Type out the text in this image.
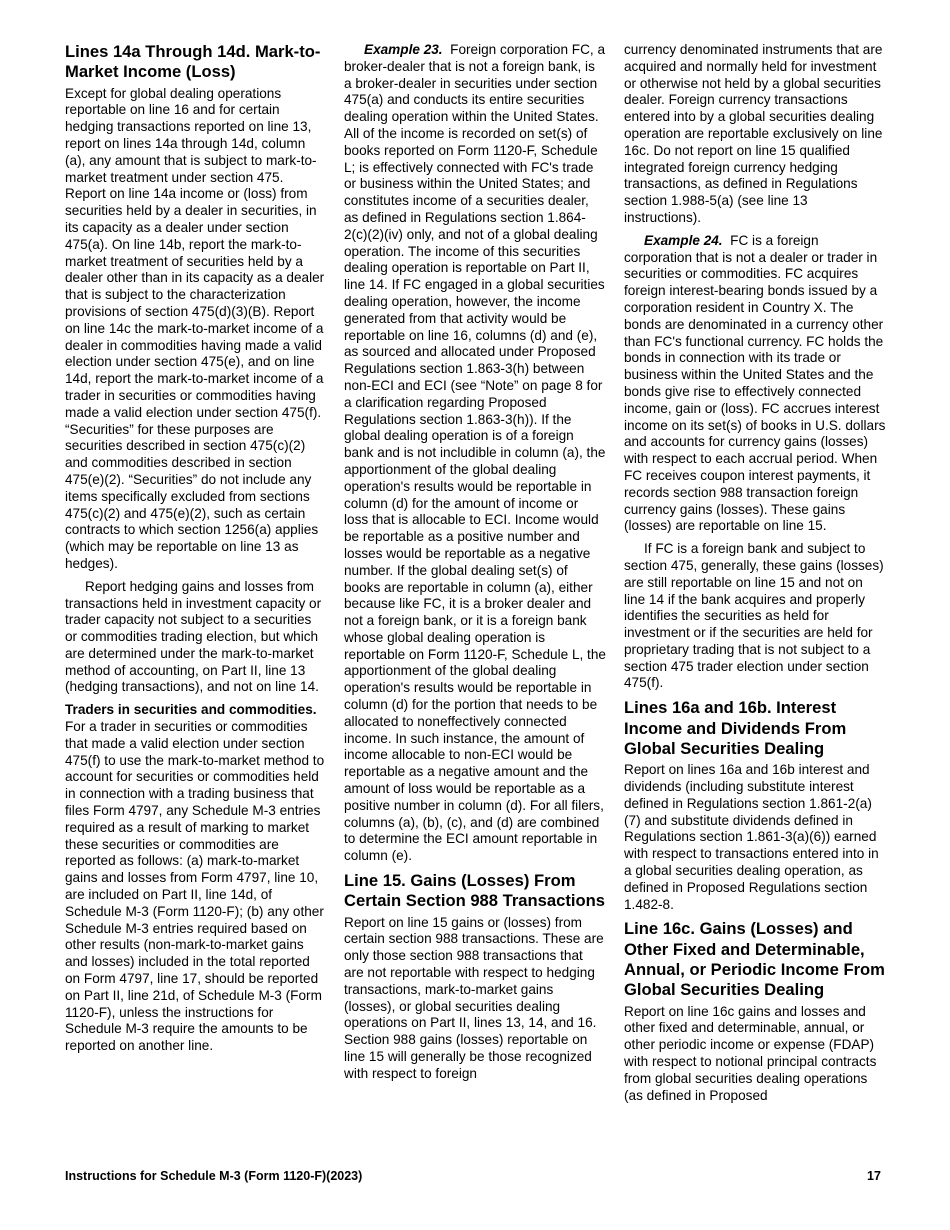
Lines 14a Through 14d. Mark-to-Market Income (Loss)

Except for global dealing operations reportable on line 16 and for certain hedging transactions reported on line 13, report on lines 14a through 14d, column (a), any amount that is subject to mark-to-market treatment under section 475. Report on line 14a income or (loss) from securities held by a dealer in securities, in its capacity as a dealer under section 475(a). On line 14b, report the mark-to-market treatment of securities held by a dealer other than in its capacity as a dealer that is subject to the characterization provisions of section 475(d)(3)(B). Report on line 14c the mark-to-market income of a dealer in commodities having made a valid election under section 475(e), and on line 14d, report the mark-to-market income of a trader in securities or commodities having made a valid election under section 475(f). “Securities” for these purposes are securities described in section 475(c)(2) and commodities described in section 475(e)(2). “Securities” do not include any items specifically excluded from sections 475(c)(2) and 475(e)(2), such as certain contracts to which section 1256(a) applies (which may be reportable on line 13 as hedges).

Report hedging gains and losses from transactions held in investment capacity or trader capacity not subject to a securities or commodities trading election, but which are determined under the mark-to-market method of accounting, on Part II, line 13 (hedging transactions), and not on line 14.

Traders in securities and commodities. For a trader in securities or commodities that made a valid election under section 475(f) to use the mark-to-market method to account for securities or commodities held in connection with a trading business that files Form 4797, any Schedule M-3 entries required as a result of marking to market these securities or commodities are reported as follows: (a) mark-to-market gains and losses from Form 4797, line 10, are included on Part II, line 14d, of Schedule M-3 (Form 1120-F); (b) any other Schedule M-3 entries required based on other results (non-mark-to-market gains and losses) included in the total reported on Form 4797, line 17, should be reported on Part II, line 21d, of Schedule M-3 (Form 1120-F), unless the instructions for Schedule M-3 require the amounts to be reported on another line.

Example 23. Foreign corporation FC, a broker-dealer that is not a foreign bank, is a broker-dealer in securities under section 475(a) and conducts its entire securities dealing operation within the United States. All of the income is recorded on set(s) of books reported on Form 1120-F, Schedule L; is effectively connected with FC's trade or business within the United States; and constitutes income of a securities dealer, as defined in Regulations section 1.864-2(c)(2)(iv) only, and not of a global dealing operation. The income of this securities dealing operation is reportable on Part II, line 14. If FC engaged in a global securities dealing operation, however, the income generated from that activity would be reportable on line 16, columns (d) and (e), as sourced and allocated under Proposed Regulations section 1.863-3(h) between non-ECI and ECI (see “Note” on page 8 for a clarification regarding Proposed Regulations section 1.863-3(h)). If the global dealing operation is of a foreign bank and is not includible in column (a), the apportionment of the global dealing operation's results would be reportable in column (d) for the amount of income or loss that is allocable to ECI. Income would be reportable as a positive number and losses would be reportable as a negative number. If the global dealing set(s) of books are reportable in column (a), either because like FC, it is a broker dealer and not a foreign bank, or it is a foreign bank whose global dealing operation is reportable on Form 1120-F, Schedule L, the apportionment of the global dealing operation's results would be reportable in column (d) for the portion that needs to be allocated to noneffectively connected income. In such instance, the amount of income allocable to non-ECI would be reportable as a negative amount and the amount of loss would be reportable as a positive number in column (d). For all filers, columns (a), (b), (c), and (d) are combined to determine the ECI amount reportable in column (e).

Line 15. Gains (Losses) From Certain Section 988 Transactions

Report on line 15 gains or (losses) from certain section 988 transactions. These are only those section 988 transactions that are not reportable with respect to hedging transactions, mark-to-market gains (losses), or global securities dealing operations on Part II, lines 13, 14, and 16. Section 988 gains (losses) reportable on line 15 will generally be those recognized with respect to foreign

currency denominated instruments that are acquired and normally held for investment or otherwise not held by a global securities dealer. Foreign currency transactions entered into by a global securities dealing operation are reportable exclusively on line 16c. Do not report on line 15 qualified integrated foreign currency hedging transactions, as defined in Regulations section 1.988-5(a) (see line 13 instructions).

Example 24. FC is a foreign corporation that is not a dealer or trader in securities or commodities. FC acquires foreign interest-bearing bonds issued by a corporation resident in Country X. The bonds are denominated in a currency other than FC's functional currency. FC holds the bonds in connection with its trade or business within the United States and the bonds give rise to effectively connected income, gain or (loss). FC accrues interest income on its set(s) of books in U.S. dollars and accounts for currency gains (losses) with respect to each accrual period. When FC receives coupon interest payments, it records section 988 transaction foreign currency gains (losses). These gains (losses) are reportable on line 15.

If FC is a foreign bank and subject to section 475, generally, these gains (losses) are still reportable on line 15 and not on line 14 if the bank acquires and properly identifies the securities as held for investment or if the securities are held for proprietary trading that is not subject to a section 475 trader election under section 475(f).

Lines 16a and 16b. Interest Income and Dividends From Global Securities Dealing

Report on lines 16a and 16b interest and dividends (including substitute interest defined in Regulations section 1.861-2(a)(7) and substitute dividends defined in Regulations section 1.861-3(a)(6)) earned with respect to transactions entered into in a global securities dealing operation, as defined in Proposed Regulations section 1.482-8.

Line 16c. Gains (Losses) and Other Fixed and Determinable, Annual, or Periodic Income From Global Securities Dealing

Report on line 16c gains and losses and other fixed and determinable, annual, or other periodic income or expense (FDAP) with respect to notional principal contracts from global securities dealing operations (as defined in Proposed

Instructions for Schedule M-3 (Form 1120-F)(2023)	17
